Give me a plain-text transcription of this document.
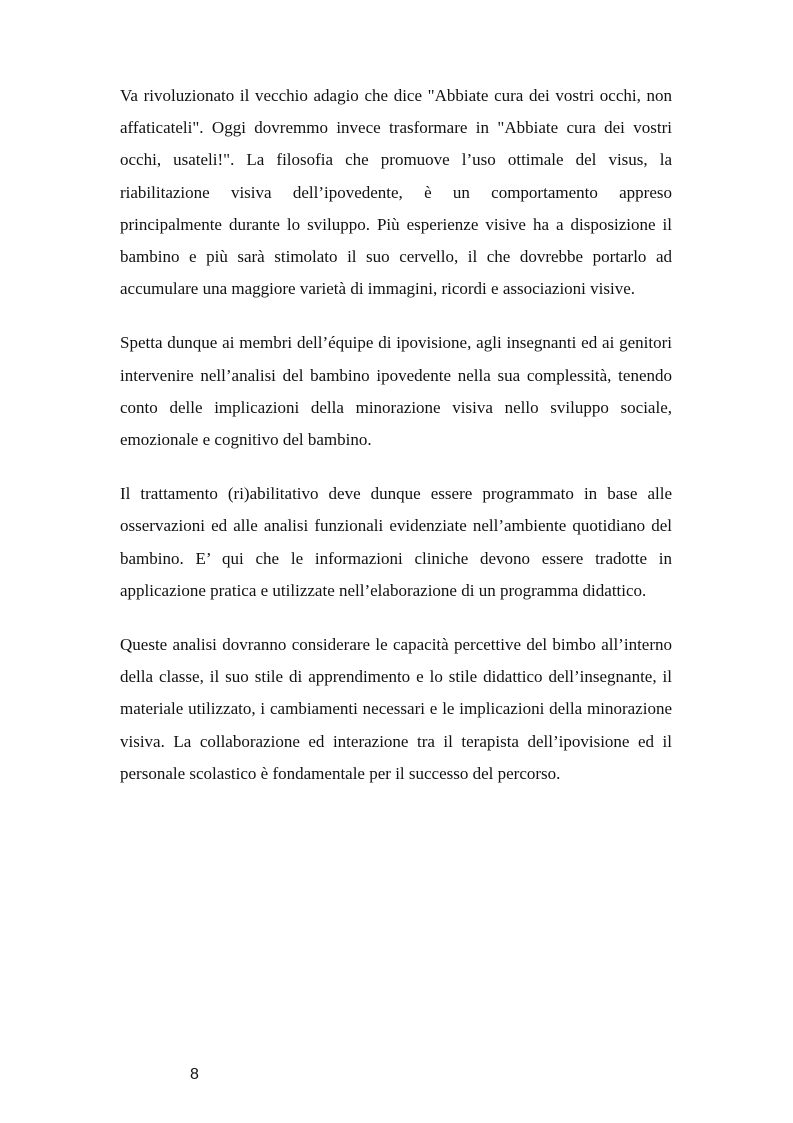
Va rivoluzionato il vecchio adagio che dice "Abbiate cura dei vostri occhi, non affaticateli". Oggi dovremmo invece trasformare in "Abbiate cura dei vostri occhi, usateli!". La filosofia che promuove l’uso ottimale del visus, la riabilitazione visiva dell’ipovedente, è un comportamento appreso principalmente durante lo sviluppo. Più esperienze visive ha a disposizione il bambino e più sarà stimolato il suo cervello, il che dovrebbe portarlo ad accumulare una maggiore varietà di immagini, ricordi e associazioni visive.

Spetta dunque ai membri dell’équipe di ipovisione, agli insegnanti ed ai genitori intervenire nell’analisi del bambino ipovedente nella sua complessità, tenendo conto delle implicazioni della minorazione visiva nello sviluppo sociale, emozionale e cognitivo del bambino.

Il trattamento (ri)abilitativo deve dunque essere programmato in base alle osservazioni ed alle analisi funzionali evidenziate nell’ambiente quotidiano del bambino. E’ qui che le informazioni cliniche devono essere tradotte in applicazione pratica e utilizzate nell’elaborazione di un programma didattico.

Queste analisi dovranno considerare le capacità percettive del bimbo all’interno della classe, il suo stile di apprendimento e lo stile didattico dell’insegnante, il materiale utilizzato, i cambiamenti necessari e le implicazioni della minorazione visiva. La collaborazione ed interazione tra il terapista dell’ipovisione ed il personale scolastico è fondamentale per il successo del percorso.

8
